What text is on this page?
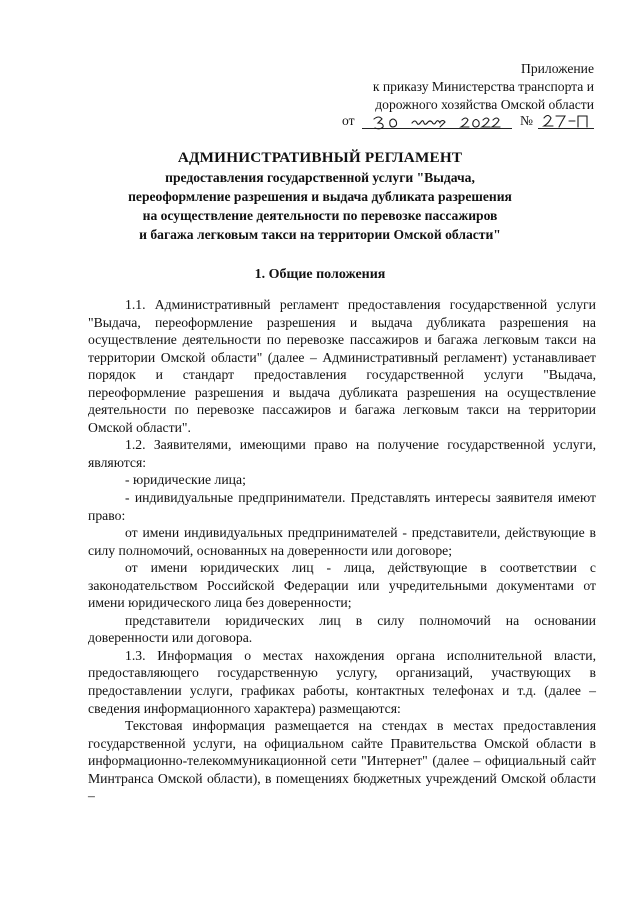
Приложение
к приказу Министерства транспорта и
дорожного хозяйства Омской области
от	№
АДМИНИСТРАТИВНЫЙ РЕГЛАМЕНТ
предоставления государственной услуги "Выдача,
переоформление разрешения и выдача дубликата разрешения
на осуществление деятельности по перевозке пассажиров
и багажа легковым такси на территории Омской области"
1. Общие положения

1.1. Административный регламент предоставления государственной услуги "Выдача, переоформление разрешения и выдача дубликата разрешения на осуществление деятельности по перевозке пассажиров и багажа легковым такси на территории Омской области" (далее – Административный регламент) устанавливает порядок и стандарт предоставления государственной услуги "Выдача, переоформление разрешения и выдача дубликата разрешения на осуществление деятельности по перевозке пассажиров и багажа легковым такси на территории Омской области".

1.2. Заявителями, имеющими право на получение государственной услуги, являются:

- юридические лица;

- индивидуальные предприниматели. Представлять интересы заявителя имеют право:

от имени индивидуальных предпринимателей - представители, действующие в силу полномочий, основанных на доверенности или договоре;

от имени юридических лиц - лица, действующие в соответствии с законодательством Российской Федерации или учредительными документами от имени юридического лица без доверенности;

представители юридических лиц в силу полномочий на основании доверенности или договора.

1.3. Информация о местах нахождения органа исполнительной власти, предоставляющего государственную услугу, организаций, участвующих в предоставлении услуги, графиках работы, контактных телефонах и т.д. (далее – сведения информационного характера) размещаются:

Текстовая информация размещается на стендах в местах предоставления государственной услуги, на официальном сайте Правительства Омской области в информационно-телекоммуникационной сети "Интернет" (далее – официальный сайт Минтранса Омской области), в помещениях бюджетных учреждений Омской области –
